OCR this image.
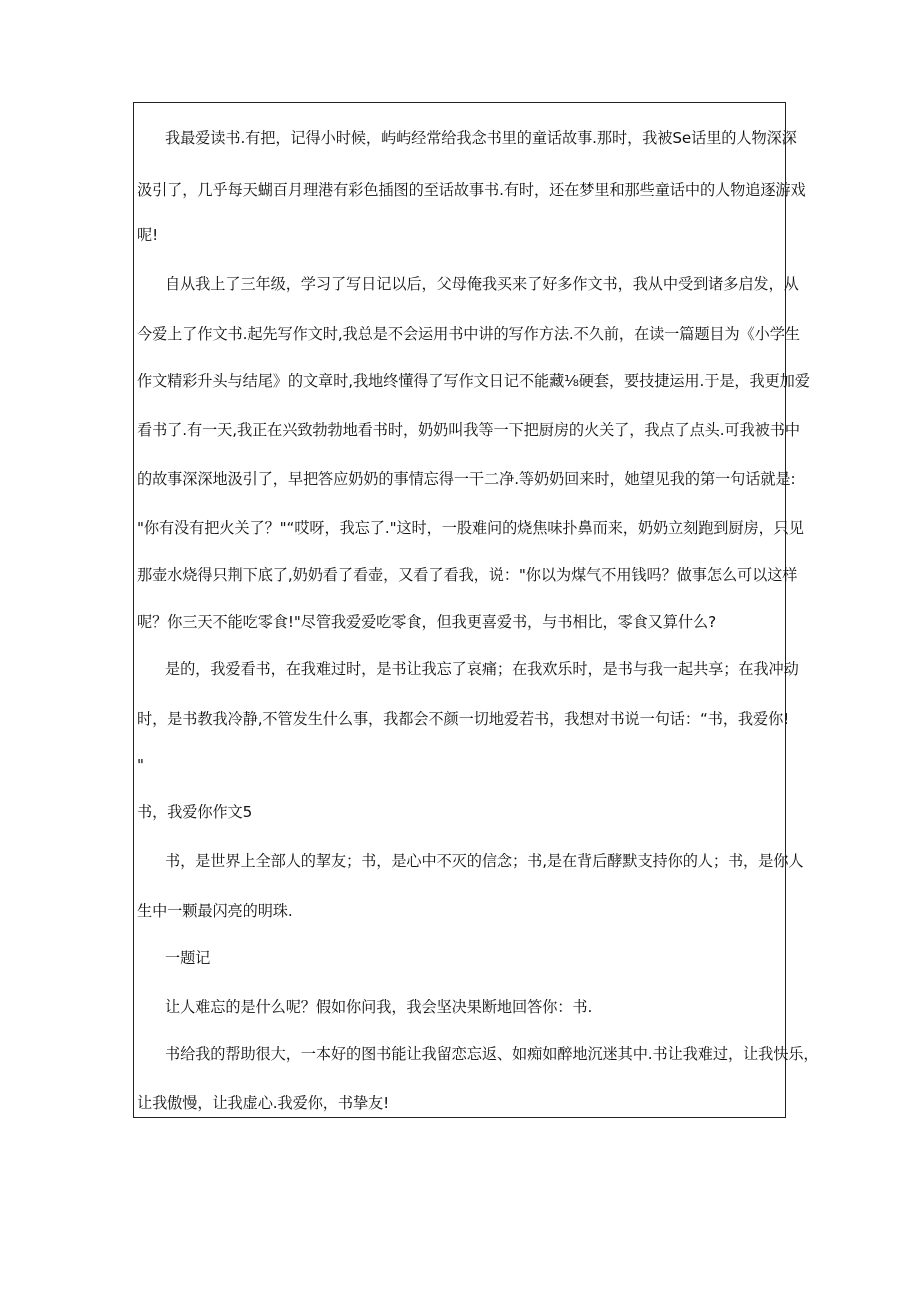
我最爱读书.有把，记得小时候，屿屿经常给我念书里的童话故事.那时，我被Se话里的人物深深
汲引了，几乎每天蝴百月理港有彩色插图的至话故事书.有时，还在梦里和那些童话中的人物追逐游戏
呢!
自从我上了三年级，学习了写日记以后，父母俺我买来了好多作文书，我从中受到诸多启发，从
今爱上了作文书.起先写作文时,我总是不会运用书中讲的写作方法.不久前，在读一篇题目为《小学生
作文精彩升头与结尾》的文章时,我地终懂得了写作文日记不能藏⅛硬套，要技捷运用.于是，我更加爱
看书了.有一天,我正在兴致勃勃地看书时，奶奶叫我等一下把厨房的火关了，我点了点头.可我被书中
的故事深深地汲引了，早把答应奶奶的事情忘得一干二净.等奶奶回来时，她望见我的第一句话就是:
"你有没有把火关了？"“哎呀，我忘了."这时，一股难问的烧焦味扑鼻而来，奶奶立刻跑到厨房，只见
那壶水烧得只荆下底了,奶奶看了看壶，又看了看我，说："你以为煤气不用钱吗？做事怎么可以这样
呢？你三天不能吃零食!"尽管我爱爱吃零食，但我更喜爱书，与书相比，零食又算什么?
是的，我爱看书，在我难过时，是书让我忘了哀痛；在我欢乐时，是书与我一起共享；在我冲动
时，是书教我冷静,不管发生什么事，我都会不颜一切地爱若书，我想对书说一句话：“书，我爱你!
"
书，我爱你作文5
书，是世界上全部人的挈友；书，是心中不灭的信念；书,是在背后酵默支持你的人；书，是你人
生中一颗最闪亮的明珠.
一题记
让人难忘的是什么呢？假如你问我，我会坚决果断地回答你：书.
书给我的帮助很大，一本好的图书能让我留恋忘返、如痴如醉地沉迷其中.书让我难过，让我快乐，
让我傲慢，让我虚心.我爱你，书挚友!
